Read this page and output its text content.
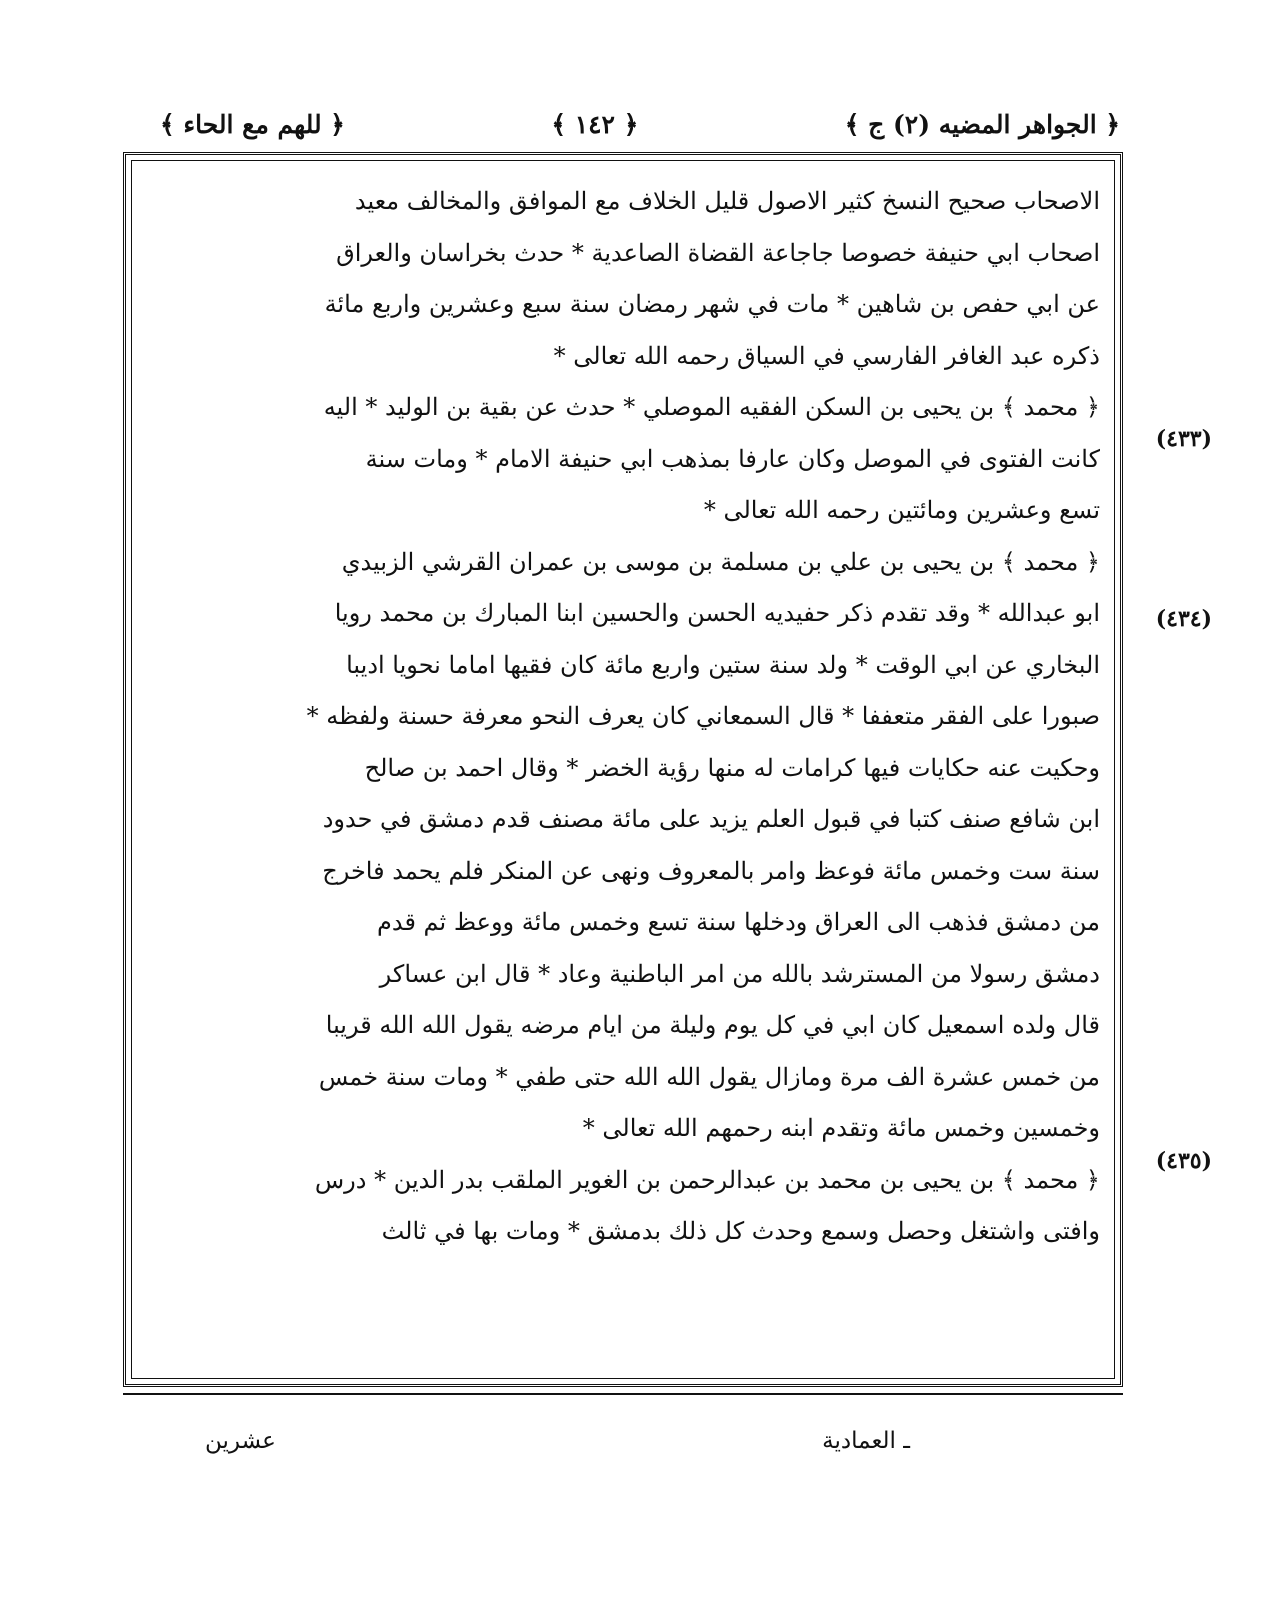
﴿ الجواهر المضيه (٢) ج ﴾
﴿ ١٤٢ ﴾
﴿ للهم مع الحاء ﴾
الاصحاب صحيح النسخ كثير الاصول قليل الخلاف مع الموافق والمخالف معيد
اصحاب ابي حنيفة خصوصا جاجاعة القضاة الصاعدية * حدث بخراسان والعراق
عن ابي حفص بن شاهين * مات في شهر رمضان سنة سبع وعشرين واربع مائة
ذكره عبد الغافر الفارسي في السياق رحمه الله تعالى *
﴿ محمد ﴾ بن يحيى بن السكن الفقيه الموصلي * حدث عن بقية بن الوليد * اليه
كانت الفتوى في الموصل وكان عارفا بمذهب ابي حنيفة الامام * ومات سنة
تسع وعشرين ومائتين رحمه الله تعالى *
﴿ محمد ﴾ بن يحيى بن علي بن مسلمة بن موسى بن عمران القرشي الزبيدي
ابو عبدالله * وقد تقدم ذكر حفيديه الحسن والحسين ابنا المبارك بن محمد رويا
البخاري عن ابي الوقت * ولد سنة ستين واربع مائة كان فقيها اماما نحويا اديبا
صبورا على الفقر متعففا * قال السمعاني كان يعرف النحو معرفة حسنة ولفظه *
وحكيت عنه حكايات فيها كرامات له منها رؤية الخضر * وقال احمد بن صالح
ابن شافع صنف كتبا في قبول العلم يزيد على مائة مصنف قدم دمشق في حدود
سنة ست وخمس مائة فوعظ وامر بالمعروف ونهى عن المنكر فلم يحمد فاخرج
من دمشق فذهب الى العراق ودخلها سنة تسع وخمس مائة ووعظ ثم قدم
دمشق رسولا من المسترشد بالله من امر الباطنية وعاد * قال ابن عساكر
قال ولده اسمعيل كان ابي في كل يوم وليلة من ايام مرضه يقول الله الله قريبا
من خمس عشرة الف مرة ومازال يقول الله الله حتى طفي * ومات سنة خمس
وخمسين وخمس مائة وتقدم ابنه رحمهم الله تعالى *
﴿ محمد ﴾ بن يحيى بن محمد بن عبدالرحمن بن الغوير الملقب بدر الدين * درس
وافتى واشتغل وحصل وسمع وحدث كل ذلك بدمشق * ومات بها في ثالث
(٤٣٣)
(٤٣٤)
(٤٣٥)
ـ العمادية
عشرين
